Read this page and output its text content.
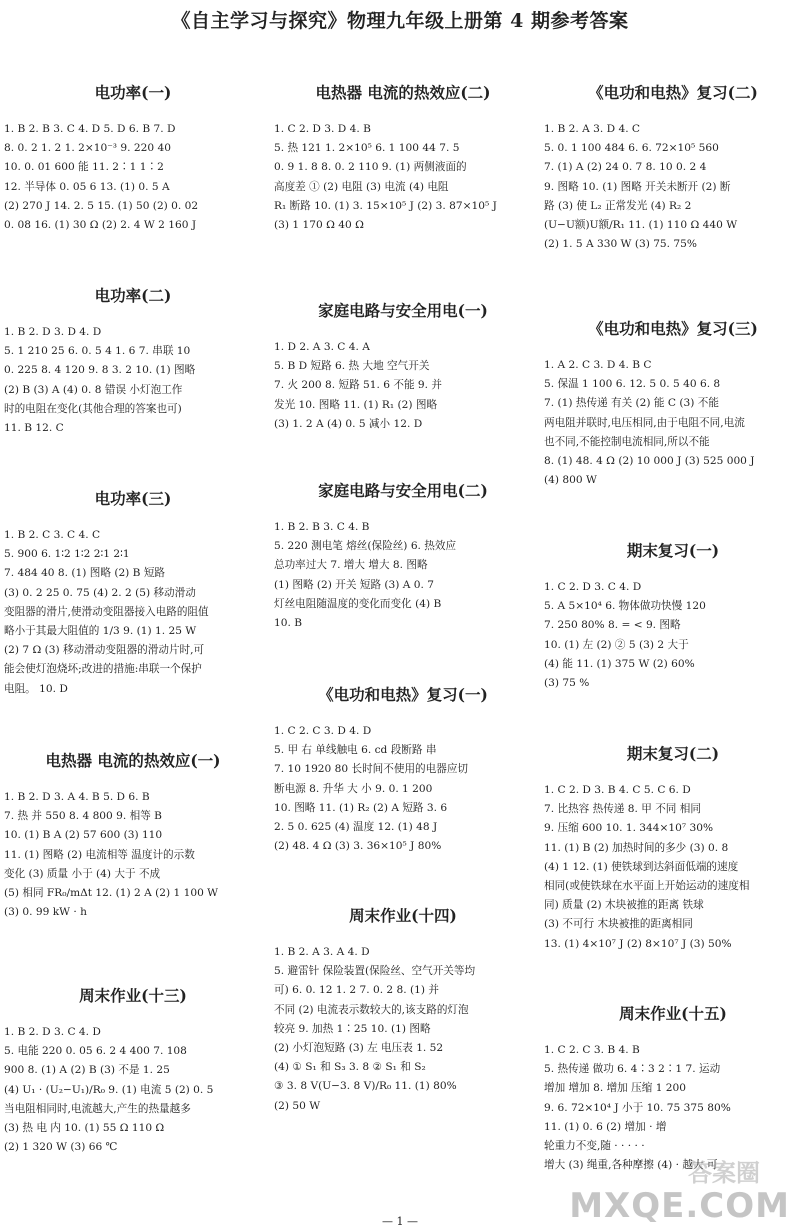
《自主学习与探究》物理九年级上册第 4 期参考答案
电功率(一)
1. B 2. B 3. C 4. D 5. D 6. B 7. D
8. 0. 2 1. 2 1. 2×10⁻³ 9. 220 40
10. 0. 01 600 能 11. 2∶1 1∶2
12. 半导体 0. 05 6 13. (1) 0. 5 A
(2) 270 J 14. 2. 5 15. (1) 50 (2) 0. 02
0. 08 16. (1) 30 Ω (2) 2. 4 W 2 160 J
电功率(二)
1. B 2. D 3. D 4. D
5. 1 210 25 6. 0. 5 4 1. 6 7. 串联 10
0. 225 8. 4 120 9. 8 3. 2 10. (1) 图略
(2) B (3) A (4) 0. 8 错误 小灯泡工作
时的电阻在变化(其他合理的答案也可)
11. B 12. C
电功率(三)
1. B 2. C 3. C 4. C
5. 900 6. 1∶2 1∶2 2∶1 2∶1
7. 484 40 8. (1) 图略 (2) B 短路
(3) 0. 2 25 0. 75 (4) 2. 2 (5) 移动滑动
变阻器的滑片,使滑动变阻器接入电路的阻值
略小于其最大阻值的 1/3 9. (1) 1. 25 W
(2) 7 Ω (3) 移动滑动变阻器的滑动片时,可
能会使灯泡烧坏;改进的措施:串联一个保护
电阻。 10. D
电热器 电流的热效应(一)
1. B 2. D 3. A 4. B 5. D 6. B
7. 热 并 550 8. 4 800 9. 相等 B
10. (1) B A (2) 57 600 (3) 110
11. (1) 图略 (2) 电流相等 温度计的示数
变化 (3) 质量 小于 (4) 大于 不成
(5) 相同 FR₀/mΔt 12. (1) 2 A (2) 1 100 W
(3) 0. 99 kW · h
周末作业(十三)
1. B 2. D 3. C 4. D
5. 电能 220 0. 05 6. 2 4 400 7. 108
900 8. (1) A (2) B (3) 不是 1. 25
(4) U₁ · (U₂−U₁)/R₀ 9. (1) 电流 5 (2) 0. 5
当电阻相同时,电流越大,产生的热量越多
(3) 热 电 内 10. (1) 55 Ω 110 Ω
(2) 1 320 W (3) 66 ℃
电热器 电流的热效应(二)
1. C 2. D 3. D 4. B
5. 热 121 1. 2×10⁵ 6. 1 100 44 7. 5
0. 9 1. 8 8. 0. 2 110 9. (1) 两侧液面的
高度差 ① (2) 电阻 (3) 电流 (4) 电阻
R₁ 断路 10. (1) 3. 15×10⁵ J (2) 3. 87×10⁵ J
(3) 1 170 Ω 40 Ω
家庭电路与安全用电(一)
1. D 2. A 3. C 4. A
5. B D 短路 6. 热 大地 空气开关
7. 火 200 8. 短路 51. 6 不能 9. 并
发光 10. 图略 11. (1) R₁ (2) 图略
(3) 1. 2 A (4) 0. 5 减小 12. D
家庭电路与安全用电(二)
1. B 2. B 3. C 4. B
5. 220 测电笔 熔丝(保险丝) 6. 热效应
总功率过大 7. 增大 增大 8. 图略
(1) 图略 (2) 开关 短路 (3) A 0. 7
灯丝电阻随温度的变化而变化 (4) B
10. B
《电功和电热》复习(一)
1. C 2. C 3. D 4. D
5. 甲 右 单线触电 6. cd 段断路 串
7. 10 1920 80 长时间不使用的电器应切
断电源 8. 升华 大 小 9. 0. 1 200
10. 图略 11. (1) R₂ (2) A 短路 3. 6
2. 5 0. 625 (4) 温度 12. (1) 48 J
(2) 48. 4 Ω (3) 3. 36×10⁵ J 80%
周末作业(十四)
1. B 2. A 3. A 4. D
5. 避雷针 保险装置(保险丝、空气开关等均
可) 6. 0. 12 1. 2 7. 0. 2 8. (1) 并
不同 (2) 电流表示数较大的,该支路的灯泡
较亮 9. 加热 1∶25 10. (1) 图略
(2) 小灯泡短路 (3) 左 电压表 1. 52
(4) ① S₁ 和 S₃ 3. 8 ② S₁ 和 S₂
③ 3. 8 V(U−3. 8 V)/R₀ 11. (1) 80%
(2) 50 W
《电功和电热》复习(二)
1. B 2. A 3. D 4. C
5. 0. 1 100 484 6. 6. 72×10⁵ 560
7. (1) A (2) 24 0. 7 8. 10 0. 2 4
9. 图略 10. (1) 图略 开关未断开 (2) 断
路 (3) 使 L₂ 正常发光 (4) R₂ 2
(U−U额)U额/R₁ 11. (1) 110 Ω 440 W
(2) 1. 5 A 330 W (3) 75. 75%
《电功和电热》复习(三)
1. A 2. C 3. D 4. B C
5. 保温 1 100 6. 12. 5 0. 5 40 6. 8
7. (1) 热传递 有关 (2) 能 C (3) 不能
两电阻并联时,电压相同,由于电阻不同,电流
也不同,不能控制电流相同,所以不能
8. (1) 48. 4 Ω (2) 10 000 J (3) 525 000 J
(4) 800 W
期末复习(一)
1. C 2. D 3. C 4. D
5. A 5×10⁴ 6. 物体做功快慢 120
7. 250 80% 8. = < 9. 图略
10. (1) 左 (2) ② 5 (3) 2 大于
(4) 能 11. (1) 375 W (2) 60%
(3) 75 %
期末复习(二)
1. C 2. D 3. B 4. C 5. C 6. D
7. 比热容 热传递 8. 甲 不同 相同
9. 压缩 600 10. 1. 344×10⁷ 30%
11. (1) B (2) 加热时间的多少 (3) 0. 8
(4) 1 12. (1) 使铁球到达斜面低端的速度
相同(或使铁球在水平面上开始运动的速度相
同) 质量 (2) 木块被推的距离 铁球
(3) 不可行 木块被推的距离相同
13. (1) 4×10⁷ J (2) 8×10⁷ J (3) 50%
周末作业(十五)
1. C 2. C 3. B 4. B
5. 热传递 做功 6. 4∶3 2∶1 7. 运动
增加 增加 8. 增加 压缩 1 200
9. 6. 72×10⁴ J 小于 10. 75 375 80%
11. (1) 0. 6 (2) 增加 · 增
轮重力不变,随 · · · · ·
增大 (3) 绳重,各种摩擦 (4) · 越大 可
— 1 —
答案圈
MXQE.COM
